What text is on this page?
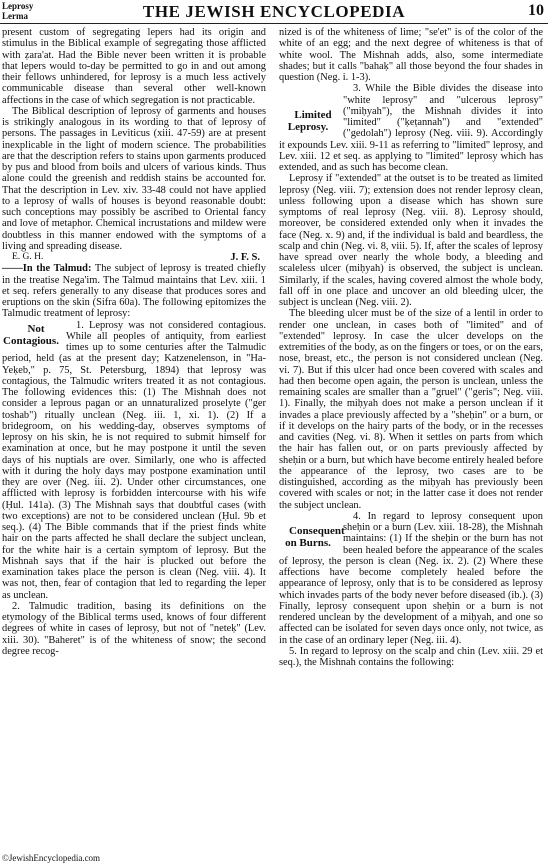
Leprosy
Lerma	THE JEWISH ENCYCLOPEDIA	10

present custom of segregating lepers had its origin and stimulus in the Biblical example of segregating those afflicted with ẓara'at. Had the Bible never been written it is probable that lepers would to-day be permitted to go in and out among their fellows unhindered, for leprosy is a much less actively communicable disease than several other well-known affections in the case of which segregation is not practicable.

The Biblical description of leprosy of garments and houses is strikingly analogous in its wording to that of leprosy of persons. The passages in Leviticus (xiii. 47-59) are at present inexplicable in the light of modern science. The probabilities are that the description refers to stains upon garments produced by pus and blood from boils and ulcers of various kinds. Thus alone could the greenish and reddish stains be accounted for. That the description in Lev. xiv. 33-48 could not have applied to a leprosy of walls of houses is beyond reasonable doubt: such conceptions may possibly be ascribed to Oriental fancy and love of metaphor. Chemical incrustations and mildew were doubtless in this manner endowed with the symptoms of a living and spreading disease.

E. G. H.	J. F. S.

——In the Talmud: The subject of leprosy is treated chiefly in the treatise Nega'im. The Talmud maintains that Lev. xiii. 1 et seq. refers generally to any disease that produces sores and eruptions on the skin (Sifra 60a). The following epitomizes the Talmudic treatment of leprosy:

Not Contagious.
1. Leprosy was not considered contagious. While all peoples of antiquity, from earliest times up to some centuries after the Talmudic period, held (as at the present day; Katzenelenson, in "Ha-Yeḳeb," p. 75, St. Petersburg, 1894) that leprosy was contagious, the Talmudic writers treated it as not contagious. The following evidences this: (1) The Mishnah does not consider a leprous pagan or an unnaturalized proselyte ("ger toshab") ritually unclean (Neg. iii. 1, xi. 1). (2) If a bridegroom, on his wedding-day, observes symptoms of leprosy on his skin, he is not required to submit himself for examination at once, but he may postpone it until the seven days of his nuptials are over. Similarly, one who is affected with it during the holy days may postpone examination until they are over (Neg. iii. 2). Under other circumstances, one afflicted with leprosy is forbidden intercourse with his wife (Ḥul. 141a). (3) The Mishnah says that doubtful cases (with two exceptions) are not to be considered unclean (Ḥul. 9b et seq.). (4) The Bible commands that if the priest finds white hair on the parts affected he shall declare the subject unclean, for the white hair is a certain symptom of leprosy. But the Mishnah says that if the hair is plucked out before the examination takes place the person is clean (Neg. viii. 4). It was not, then, fear of contagion that led to regarding the leper as unclean.

2. Talmudic tradition, basing its definitions on the etymology of the Biblical terms used, knows of four different degrees of white in cases of leprosy, but not of "neteḳ" (Lev. xiii. 30). "Baheret" is of the whiteness of snow; the second degree recog-

nized is of the whiteness of lime; "se'et" is of the color of the white of an egg; and the next degree of whiteness is that of white wool. The Mishnah adds, also, some intermediate shades; but it calls "bahaḳ" all those beyond the four shades in question (Neg. i. 1-3).

Limited Leprosy.
3. While the Bible divides the disease into "white leprosy" and "ulcerous leprosy" ("miḥyah"), the Mishnah divides it into "limited" ("ḳeṭannah") and "extended" ("gedolah") leprosy (Neg. viii. 9). Accordingly it expounds Lev. xiii. 9-11 as referring to "limited" leprosy, and Lev. xiii. 12 et seq. as applying to "limited" leprosy which has extended, and as such has become clean.

Leprosy if "extended" at the outset is to be treated as limited leprosy (Neg. viii. 7); extension does not render leprosy clean, unless following upon a disease which has shown sure symptoms of real leprosy (Neg. viii. 8). Leprosy should, moreover, be considered extended only when it invades the face (Neg. x. 9) and, if the individual is bald and beardless, the scalp and chin (Neg. vi. 8, viii. 5). If, after the scales of leprosy have spread over nearly the whole body, a bleeding and scaleless ulcer (miḥyah) is observed, the subject is unclean. Similarly, if the scales, having covered almost the whole body, fall off in one place and uncover an old bleeding ulcer, the subject is unclean (Neg. viii. 2).

The bleeding ulcer must be of the size of a lentil in order to render one unclean, in cases both of "limited" and of "extended" leprosy. In case the ulcer develops on the extremities of the body, as on the fingers or toes, or on the ears, nose, breast, etc., the person is not considered unclean (Neg. vi. 7). But if this ulcer had once been covered with scales and had then become open again, the person is unclean, unless the remaining scales are smaller than a "gruel" ("geris"; Neg. viii. 1). Finally, the miḥyah does not make a person unclean if it invades a place previously affected by a "sheḥin" or a burn, or if it develops on the hairy parts of the body, or in the recesses and cavities (Neg. vi. 8). When it settles on parts from which the hair has fallen out, or on parts previously affected by sheḥin or a burn, but which have become entirely healed before the appearance of the leprosy, two cases are to be distinguished, according as the miḥyah has previously been covered with scales or not; in the latter case it does not render the subject unclean.

Consequent on Burns.
4. In regard to leprosy consequent upon sheḥin or a burn (Lev. xiii. 18-28), the Mishnah maintains: (1) If the sheḥin or the burn has not been healed before the appearance of the scales of leprosy, the person is clean (Neg. ix. 2). (2) Where these affections have become completely healed before the appearance of leprosy, only that is to be considered as leprosy which invades parts of the body never before diseased (ib.). (3) Finally, leprosy consequent upon sheḥin or a burn is not rendered unclean by the development of a miḥyah, and one so affected can be isolated for seven days once only, not twice, as in the case of an ordinary leper (Neg. iii. 4).

5. In regard to leprosy on the scalp and chin (Lev. xiii. 29 et seq.), the Mishnah contains the following:

©JewishEncyclopedia.com
